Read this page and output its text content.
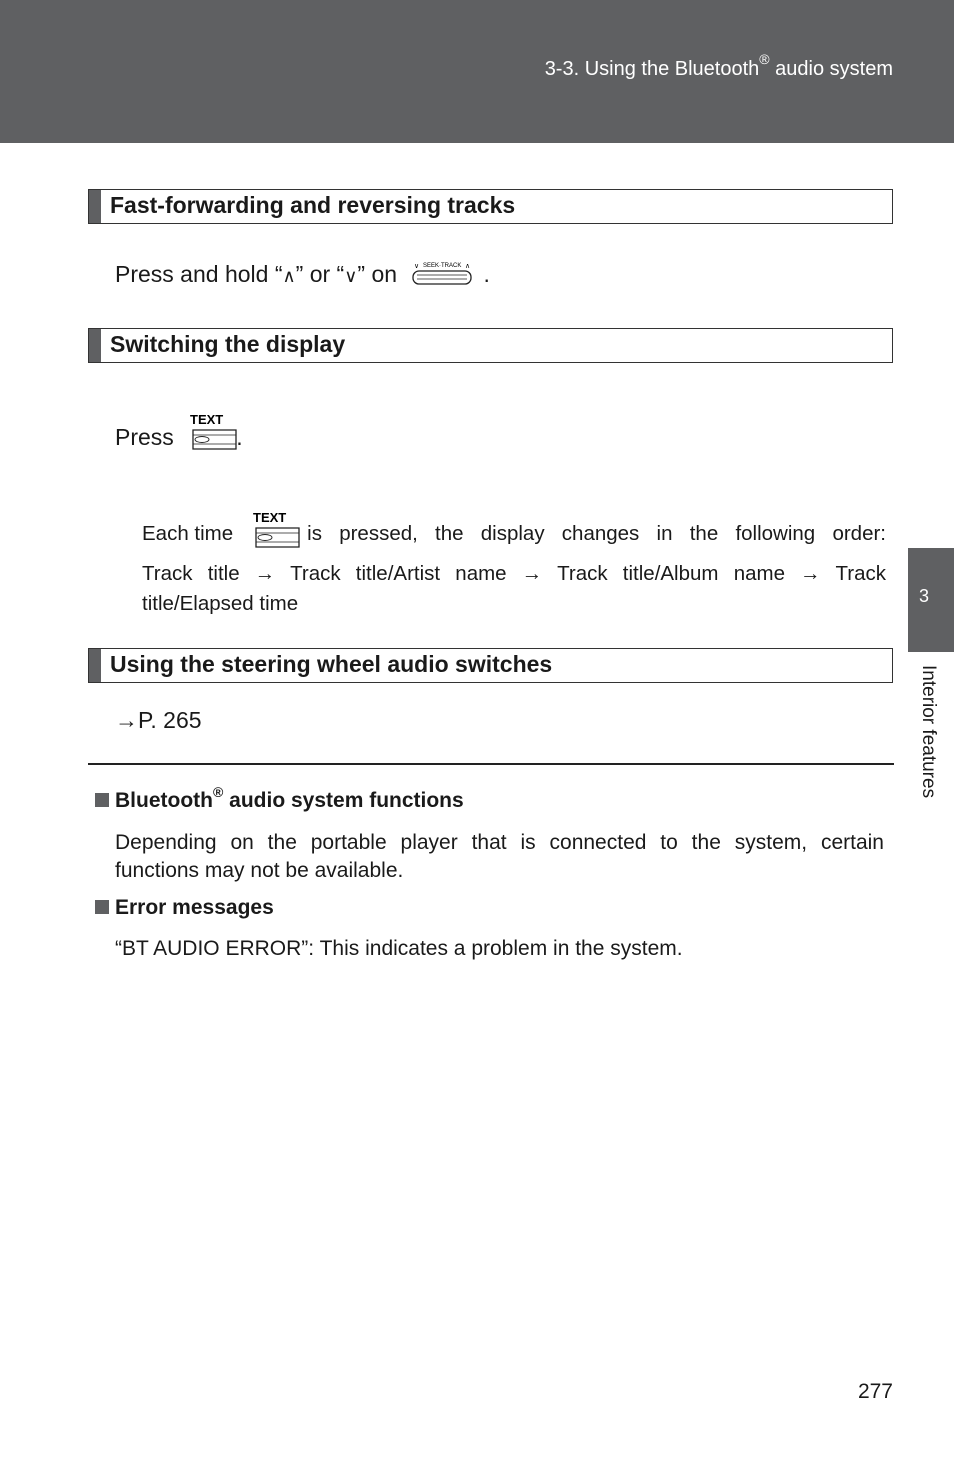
3-3. Using the Bluetooth® audio system
Fast-forwarding and reversing tracks
Press and hold “∧” or “∨” on ∨ SEEK·TRACK ∧ .
Switching the display
Press
TEXT
.
Each time
TEXT
is pressed, the display changes in the following order:
Track title → Track title/Artist name → Track title/Album name → Track title/Elapsed time
Using the steering wheel audio switches
→P. 265
Bluetooth® audio system functions
Depending on the portable player that is connected to the system, certain functions may not be available.
Error messages
“BT AUDIO ERROR”: This indicates a problem in the system.
3
Interior features
277
